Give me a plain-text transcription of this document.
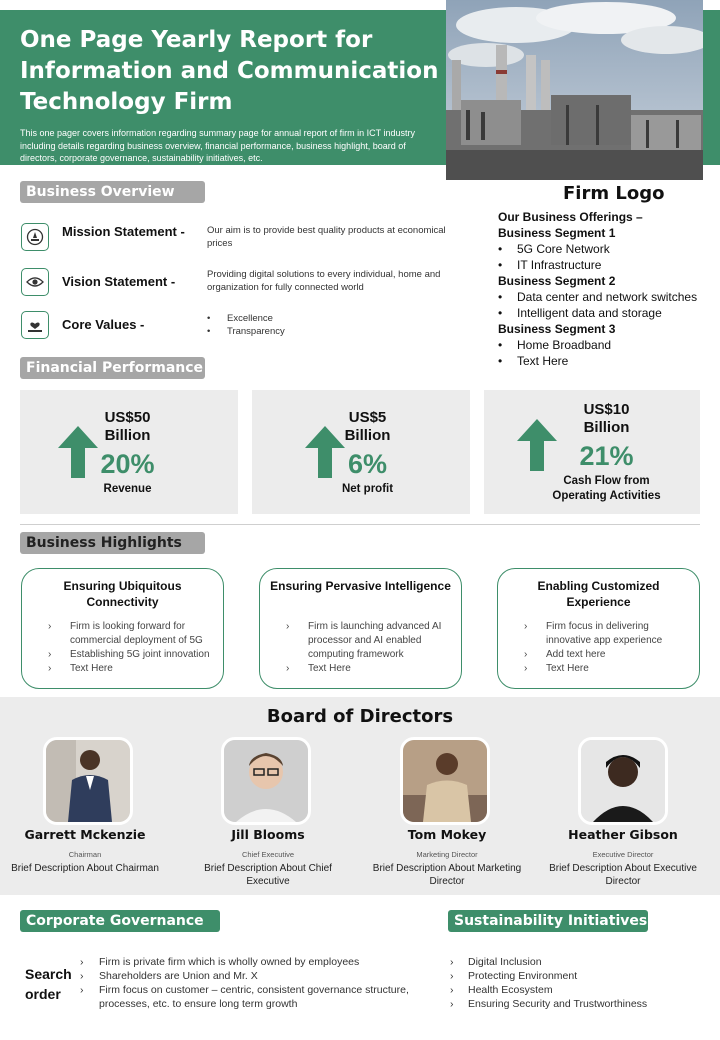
One Page Yearly Report for Information and Communication Technology Firm
This one pager covers information regarding summary page for annual report of firm in ICT industry including details regarding business overview, financial performance, business highlight, board of directors, corporate governance, sustainability initiatives, etc.
Business Overview
Mission Statement - Our aim is to provide best quality products at economical prices
Vision Statement -	Providing digital solutions to every individual, home and organization for fully connected world
Core Values -
•	Excellence
• Transparency
Firm Logo
Our Business Offerings –
Business Segment 1
• 5G Core Network
• IT Infrastructure
Business Segment 2
• Data center and network switches
• Intelligent data and storage
Business Segment 3
• Home Broadband
• Text Here
Financial Performance
US$50
Billion
20%
Revenue
US$5
Billion
6%
Net profit
US$10
Billion
21%
Cash Flow from
Operating Activities
Business Highlights
Ensuring Ubiquitous Connectivity
› Firm is looking forward for commercial deployment of 5G
› Establishing 5G joint innovation
› Text Here
Ensuring Pervasive Intelligence
› Firm is launching advanced AI processor and AI enabled computing framework
› Text Here
Enabling Customized Experience
› Firm focus in delivering innovative app experience
› Add text here
› Text Here
Board of Directors
Garrett Mckenzie
Chairman
Brief Description About Chairman
Jill Blooms
Chief Executive
Brief Description About Chief Executive
Tom Mokey
Marketing Director
Brief Description About Marketing Director
Heather Gibson
Executive Director
Brief Description About Executive Director
Corporate Governance
Search order
› Firm is private firm which is wholly owned by employees
› Shareholders are Union and Mr. X
› Firm focus on customer – centric, consistent governance structure, processes, etc. to ensure long term growth
Sustainability Initiatives
› Digital Inclusion
› Protecting Environment
› Health Ecosystem
› Ensuring Security and Trustworthiness
